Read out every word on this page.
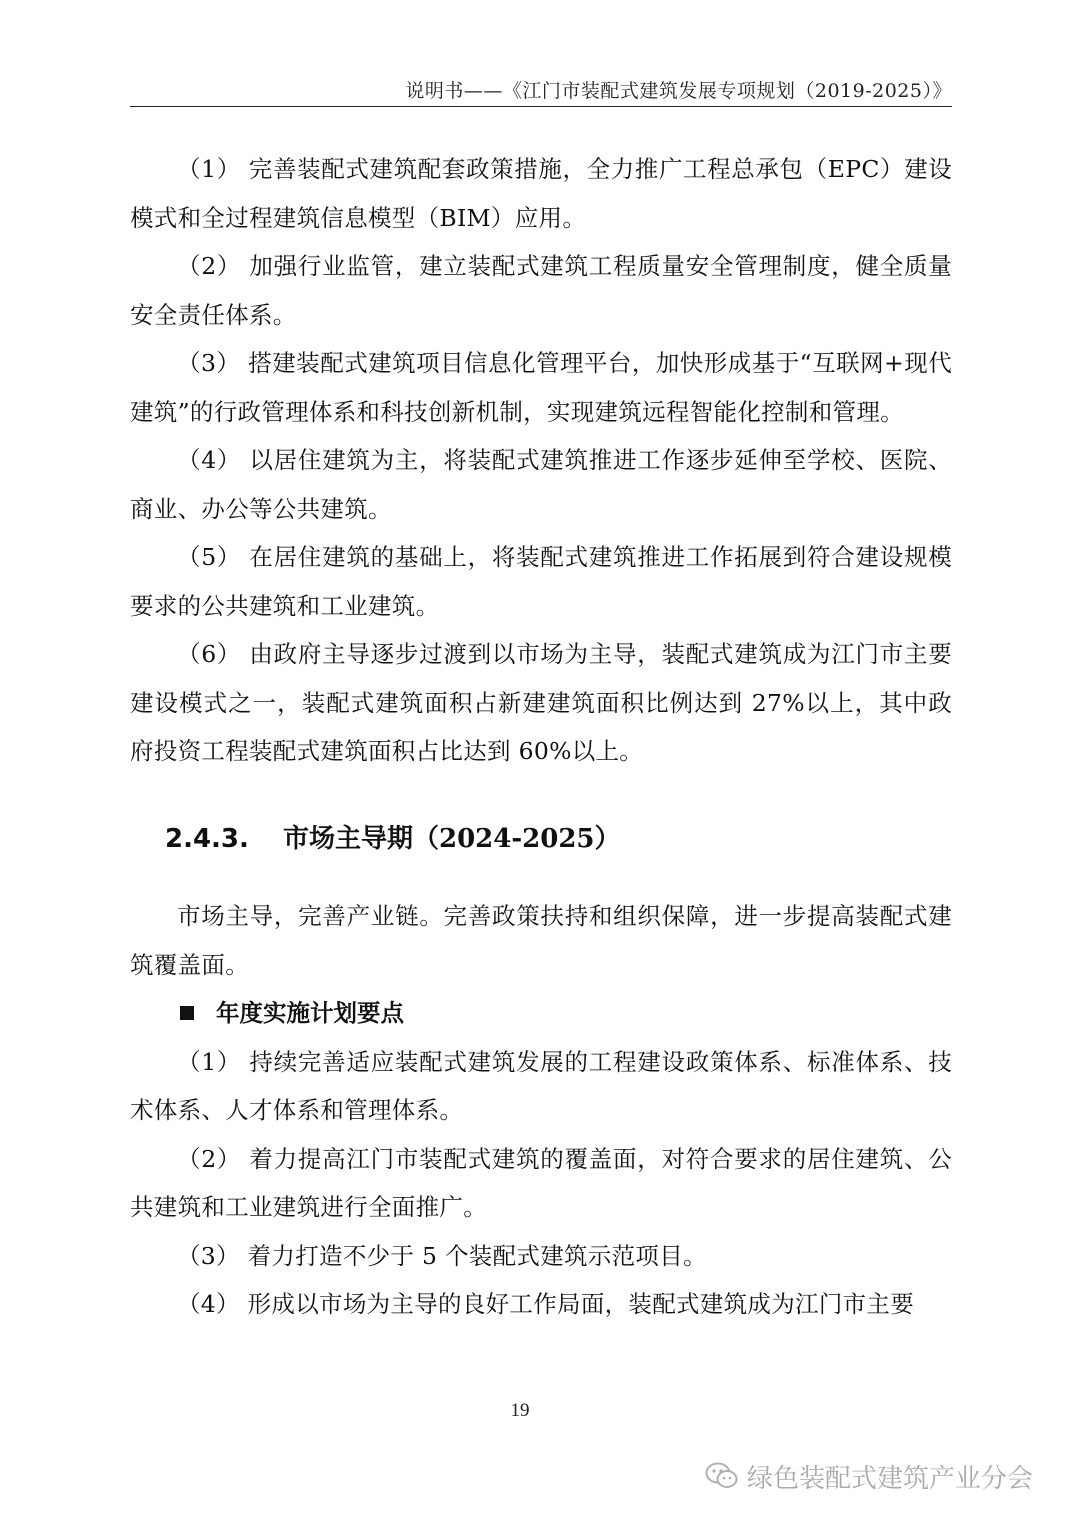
说明书——《江门市装配式建筑发展专项规划（2019-2025）》

（1） 完善装配式建筑配套政策措施，全力推广工程总承包（EPC）建设模式和全过程建筑信息模型（BIM）应用。

（2） 加强行业监管，建立装配式建筑工程质量安全管理制度，健全质量安全责任体系。

（3） 搭建装配式建筑项目信息化管理平台，加快形成基于“互联网+现代建筑”的行政管理体系和科技创新机制，实现建筑远程智能化控制和管理。

（4） 以居住建筑为主，将装配式建筑推进工作逐步延伸至学校、医院、商业、办公等公共建筑。

（5） 在居住建筑的基础上，将装配式建筑推进工作拓展到符合建设规模要求的公共建筑和工业建筑。

（6） 由政府主导逐步过渡到以市场为主导，装配式建筑成为江门市主要建设模式之一，装配式建筑面积占新建建筑面积比例达到 27%以上，其中政府投资工程装配式建筑面积占比达到 60%以上。

2.4.3. 市场主导期（2024-2025）

市场主导，完善产业链。完善政策扶持和组织保障，进一步提高装配式建筑覆盖面。

年度实施计划要点

（1） 持续完善适应装配式建筑发展的工程建设政策体系、标准体系、技术体系、人才体系和管理体系。

（2） 着力提高江门市装配式建筑的覆盖面，对符合要求的居住建筑、公共建筑和工业建筑进行全面推广。

（3） 着力打造不少于 5 个装配式建筑示范项目。

（4） 形成以市场为主导的良好工作局面，装配式建筑成为江门市主要

19
绿色装配式建筑产业分会
